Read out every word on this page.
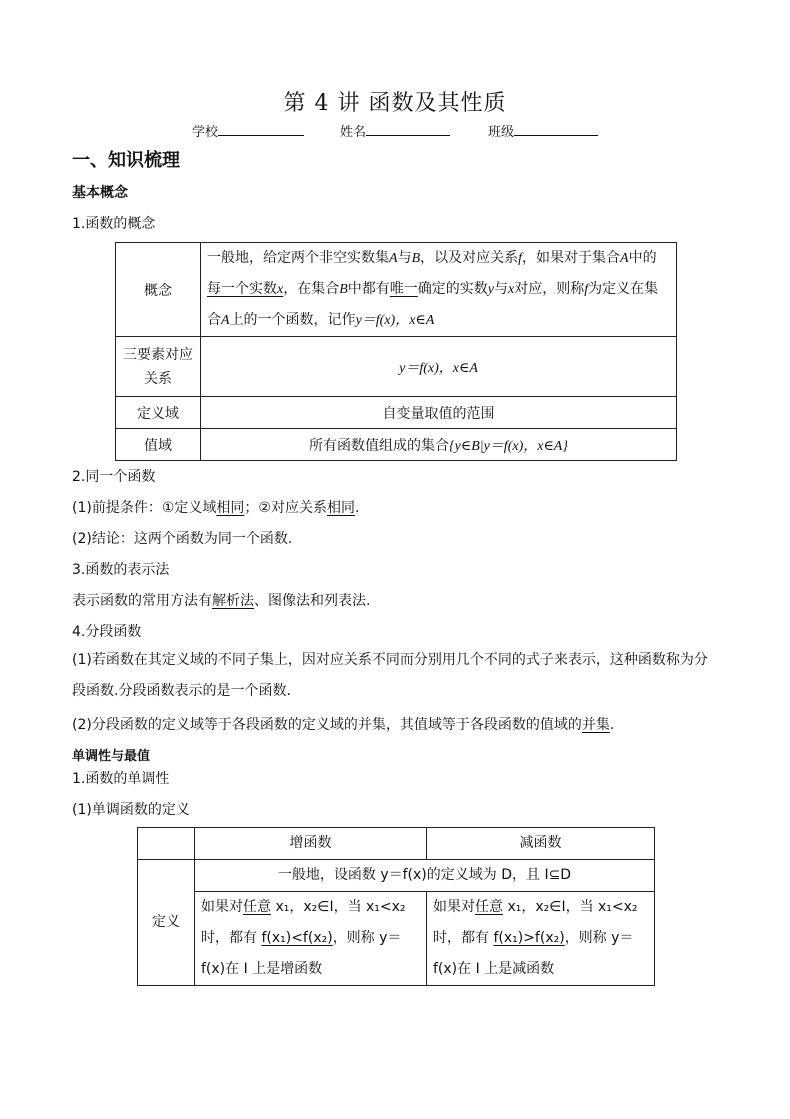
第 4 讲 函数及其性质
学校	姓名	班级
一、知识梳理
基本概念
1.函数的概念
概念	一般地，给定两个非空实数集A与B，以及对应关系f，如果对于集合A中的每一个实数x，在集合B中都有唯一确定的实数y与x对应，则称f为定义在集合A上的一个函数，记作y＝f(x)，x∈A
三要素对应关系	y＝f(x)，x∈A
定义域	自变量取值的范围
值域	所有函数值组成的集合{y∈B|y＝f(x)，x∈A}
2.同一个函数
(1)前提条件：①定义域相同；②对应关系相同.
(2)结论：这两个函数为同一个函数.
3.函数的表示法
表示函数的常用方法有解析法、图像法和列表法.
4.分段函数
(1)若函数在其定义域的不同子集上，因对应关系不同而分别用几个不同的式子来表示，这种函数称为分段函数.分段函数表示的是一个函数.
(2)分段函数的定义域等于各段函数的定义域的并集，其值域等于各段函数的值域的并集.
单调性与最值
1.函数的单调性
(1)单调函数的定义
	增函数	减函数
定义	一般地，设函数 y＝f(x)的定义域为 D，且 I⊆D	
	如果对任意 x₁，x₂∈I，当 x₁<x₂时，都有 f(x₁)<f(x₂)，则称 y＝f(x)在 I 上是增函数	如果对任意 x₁，x₂∈I，当 x₁<x₂时，都有 f(x₁)>f(x₂)，则称 y＝f(x)在 I 上是减函数
